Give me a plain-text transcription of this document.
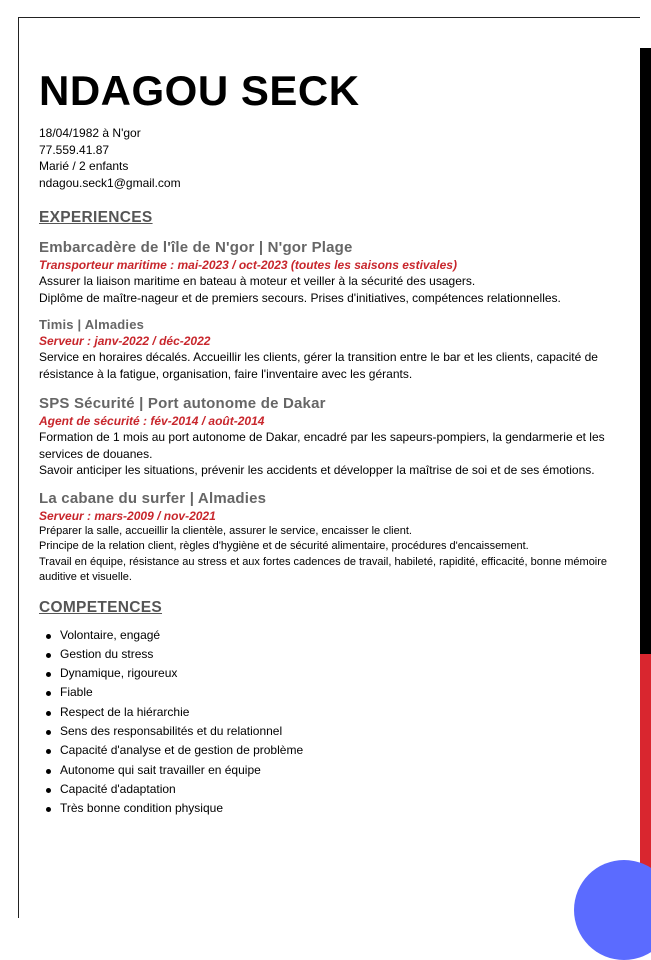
NDAGOU SECK
18/04/1982 à N'gor
77.559.41.87
Marié / 2 enfants
ndagou.seck1@gmail.com
EXPERIENCES
Embarcadère de l'île de N'gor | N'gor Plage
Transporteur maritime : mai-2023 / oct-2023 (toutes les saisons estivales)
Assurer la liaison maritime en bateau à moteur et veiller à la sécurité des usagers.
Diplôme de maître-nageur et de premiers secours. Prises d'initiatives, compétences relationnelles.
Timis | Almadies
Serveur : janv-2022 / déc-2022
Service en horaires décalés. Accueillir les clients, gérer la transition entre le bar et les clients, capacité de résistance à la fatigue, organisation, faire l'inventaire avec les gérants.
SPS Sécurité | Port autonome de Dakar
Agent de sécurité : fév-2014 / août-2014
Formation de 1 mois au port autonome de Dakar, encadré par les sapeurs-pompiers, la gendarmerie et les services de douanes.
Savoir anticiper les situations, prévenir les accidents et développer la maîtrise de soi et de ses émotions.
La cabane du surfer | Almadies
Serveur : mars-2009 / nov-2021
Préparer la salle, accueillir la clientèle, assurer le service, encaisser le client.
Principe de la relation client, règles d'hygiène et de sécurité alimentaire, procédures d'encaissement.
Travail en équipe, résistance au stress et aux fortes cadences de travail, habileté, rapidité, efficacité, bonne mémoire auditive et visuelle.
COMPETENCES
Volontaire, engagé
Gestion du stress
Dynamique, rigoureux
Fiable
Respect de la hiérarchie
Sens des responsabilités et du relationnel
Capacité d'analyse et de gestion de problème
Autonome qui sait travailler en équipe
Capacité d'adaptation
Très bonne condition physique
